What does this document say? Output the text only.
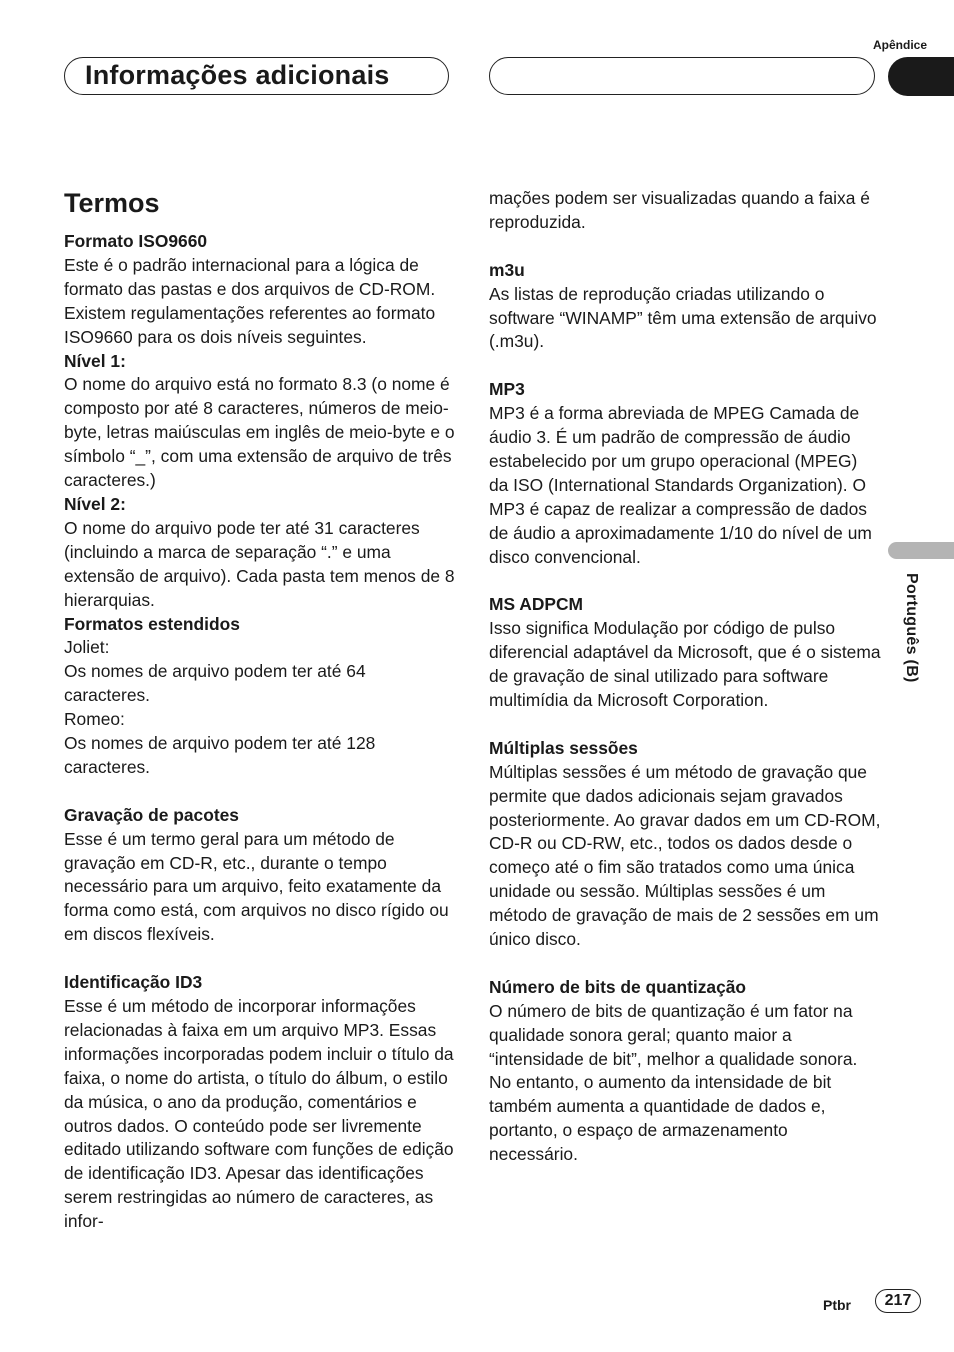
Apêndice
Informações adicionais
Português (B)
Termos

Formato ISO9660

Este é o padrão internacional para a lógica de formato das pastas e dos arquivos de CD-ROM. Existem regulamentações referentes ao formato ISO9660 para os dois níveis seguintes.

Nível 1:

O nome do arquivo está no formato 8.3 (o nome é composto por até 8 caracteres, números de meio-byte, letras maiúsculas em inglês de meio-byte e o símbolo “_”, com uma extensão de arquivo de três caracteres.)

Nível 2:

O nome do arquivo pode ter até 31 caracteres (incluindo a marca de separação “.” e uma extensão de arquivo). Cada pasta tem menos de 8 hierarquias.

Formatos estendidos

Joliet:

Os nomes de arquivo podem ter até 64 caracteres.

Romeo:

Os nomes de arquivo podem ter até 128 caracteres.

Gravação de pacotes

Esse é um termo geral para um método de gravação em CD-R, etc., durante o tempo necessário para um arquivo, feito exatamente da forma como está, com arquivos no disco rígido ou em discos flexíveis.

Identificação ID3

Esse é um método de incorporar informações relacionadas à faixa em um arquivo MP3. Essas informações incorporadas podem incluir o título da faixa, o nome do artista, o título do álbum, o estilo da música, o ano da produção, comentários e outros dados. O conteúdo pode ser livremente editado utilizando software com funções de edição de identificação ID3. Apesar das identificações serem restringidas ao número de caracteres, as infor-

mações podem ser visualizadas quando a faixa é reproduzida.

m3u

As listas de reprodução criadas utilizando o software “WINAMP” têm uma extensão de arquivo (.m3u).

MP3

MP3 é a forma abreviada de MPEG Camada de áudio 3. É um padrão de compressão de áudio estabelecido por um grupo operacional (MPEG) da ISO (International Standards Organization). O MP3 é capaz de realizar a compressão de dados de áudio a aproximadamente 1/10 do nível de um disco convencional.

MS ADPCM

Isso significa Modulação por código de pulso diferencial adaptável da Microsoft, que é o sistema de gravação de sinal utilizado para software multimídia da Microsoft Corporation.

Múltiplas sessões

Múltiplas sessões é um método de gravação que permite que dados adicionais sejam gravados posteriormente. Ao gravar dados em um CD-ROM, CD-R ou CD-RW, etc., todos os dados desde o começo até o fim são tratados como uma única unidade ou sessão. Múltiplas sessões é um método de gravação de mais de 2 sessões em um único disco.

Número de bits de quantização

O número de bits de quantização é um fator na qualidade sonora geral; quanto maior a “intensidade de bit”, melhor a qualidade sonora. No entanto, o aumento da intensidade de bit também aumenta a quantidade de dados e, portanto, o espaço de armazenamento necessário.

Ptbr	217
